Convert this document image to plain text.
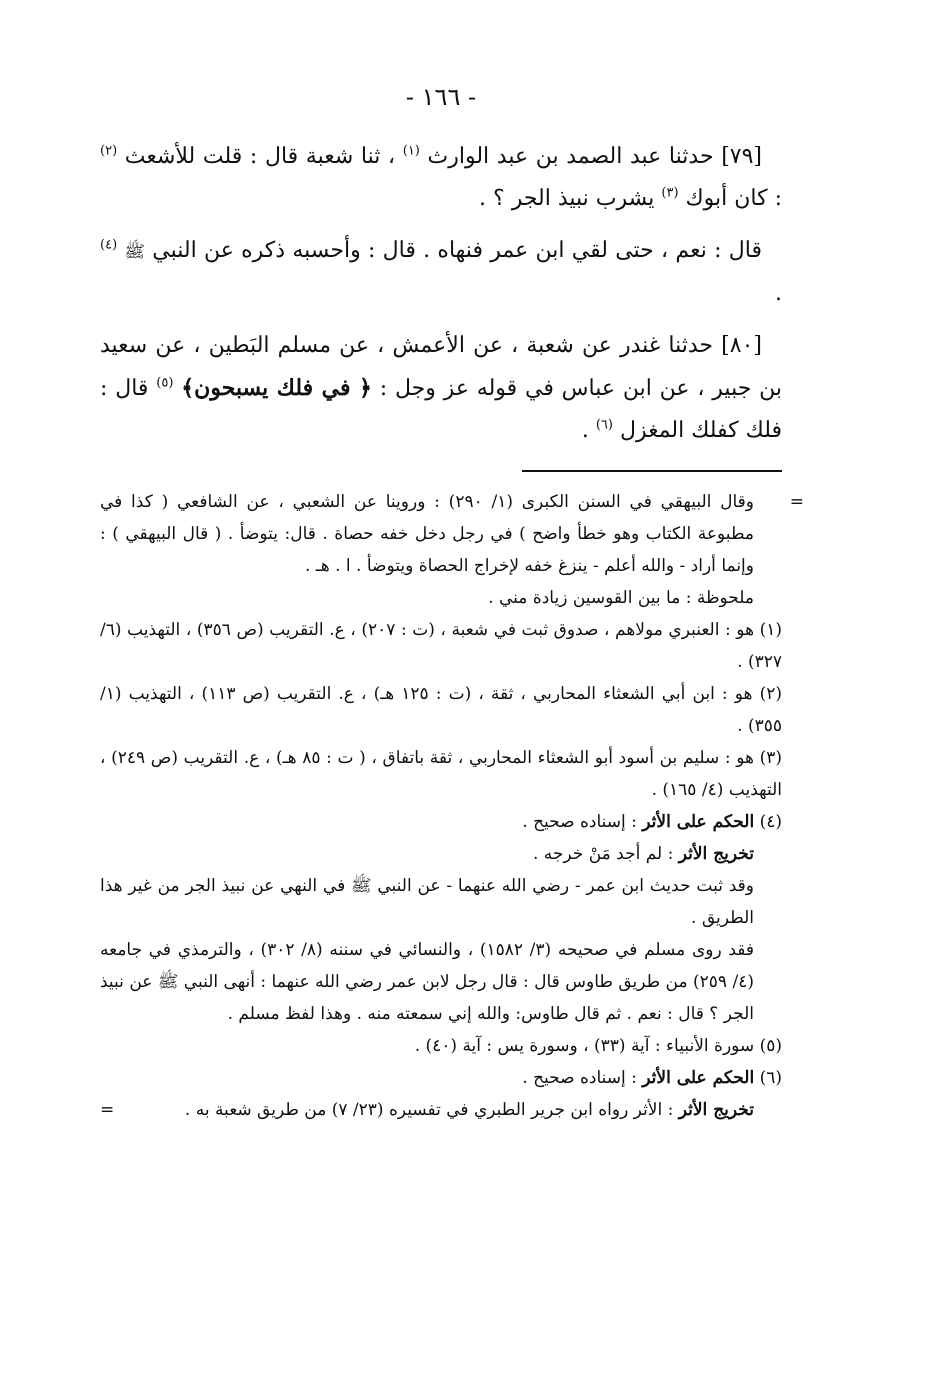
- ١٦٦ -

[٧٩] حدثنا عبد الصمد بن عبد الوارث $^{(١)}$ ، ثنا شعبة قال : قلت للأشعث $^{(٢)}$ : كان أبوك $^{(٣)}$ يشرب نبيذ الجر ؟ .

قال : نعم ، حتى لقي ابن عمر فنهاه . قال : وأحسبه ذكره عن النبي ﷺ $^{(٤)}$ .

[٨٠] حدثنا غندر عن شعبة ، عن الأعمش ، عن مسلم البَطين ، عن سعيد بن جبير ، عن ابن عباس في قوله عز وجل : ﴿ في فلك يسبحون﴾ $^{(٥)}$ قال : فلك كفلك المغزل $^{(٦)}$ .

=
وقال البيهقي في السنن الكبرى (١/ ٢٩٠) : وروينا عن الشعبي ، عن الشافعي ( كذا في مطبوعة الكتاب وهو خطأ واضح ) في رجل دخل خفه حصاة . قال: يتوضأ . ( قال البيهقي ) : وإنما أراد - والله أعلم - ينزغ خفه لإخراج الحصاة ويتوضأ . ا . هـ .

ملحوظة : ما بين القوسين زيادة مني .

(١) هو : العنبري مولاهم ، صدوق ثبت في شعبة ، (ت : ٢٠٧) ، ع. التقريب (ص ٣٥٦) ، التهذيب (٦/ ٣٢٧) .

(٢) هو : ابن أبي الشعثاء المحاربي ، ثقة ، (ت : ١٢٥ هـ) ، ع. التقريب (ص ١١٣) ، التهذيب (١/ ٣٥٥) .

(٣) هو : سليم بن أسود أبو الشعثاء المحاربي ، ثقة باتفاق ، ( ت : ٨٥ هـ) ، ع. التقريب (ص ٢٤٩) ، التهذيب (٤/ ١٦٥) .

(٤) الحكم على الأثر : إسناده صحيح .

تخريج الأثر : لم أجد مَنْ خرجه .

وقد ثبت حديث ابن عمر - رضي الله عنهما - عن النبي ﷺ في النهي عن نبيذ الجر من غير هذا الطريق .

فقد روى مسلم في صحيحه (٣/ ١٥٨٢) ، والنسائي في سننه (٨/ ٣٠٢) ، والترمذي في جامعه (٤/ ٢٥٩) من طريق طاوس قال : قال رجل لابن عمر رضي الله عنهما : أنهى النبي ﷺ عن نبيذ الجر ؟ قال : نعم . ثم قال طاوس: والله إني سمعته منه . وهذا لفظ مسلم .

(٥) سورة الأنبياء : آية (٣٣) ، وسورة يس : آية (٤٠) .

(٦) الحكم على الأثر : إسناده صحيح .

تخريج الأثر : الأثر رواه ابن جرير الطبري في تفسيره (٢٣/ ٧) من طريق شعبة به .
=
